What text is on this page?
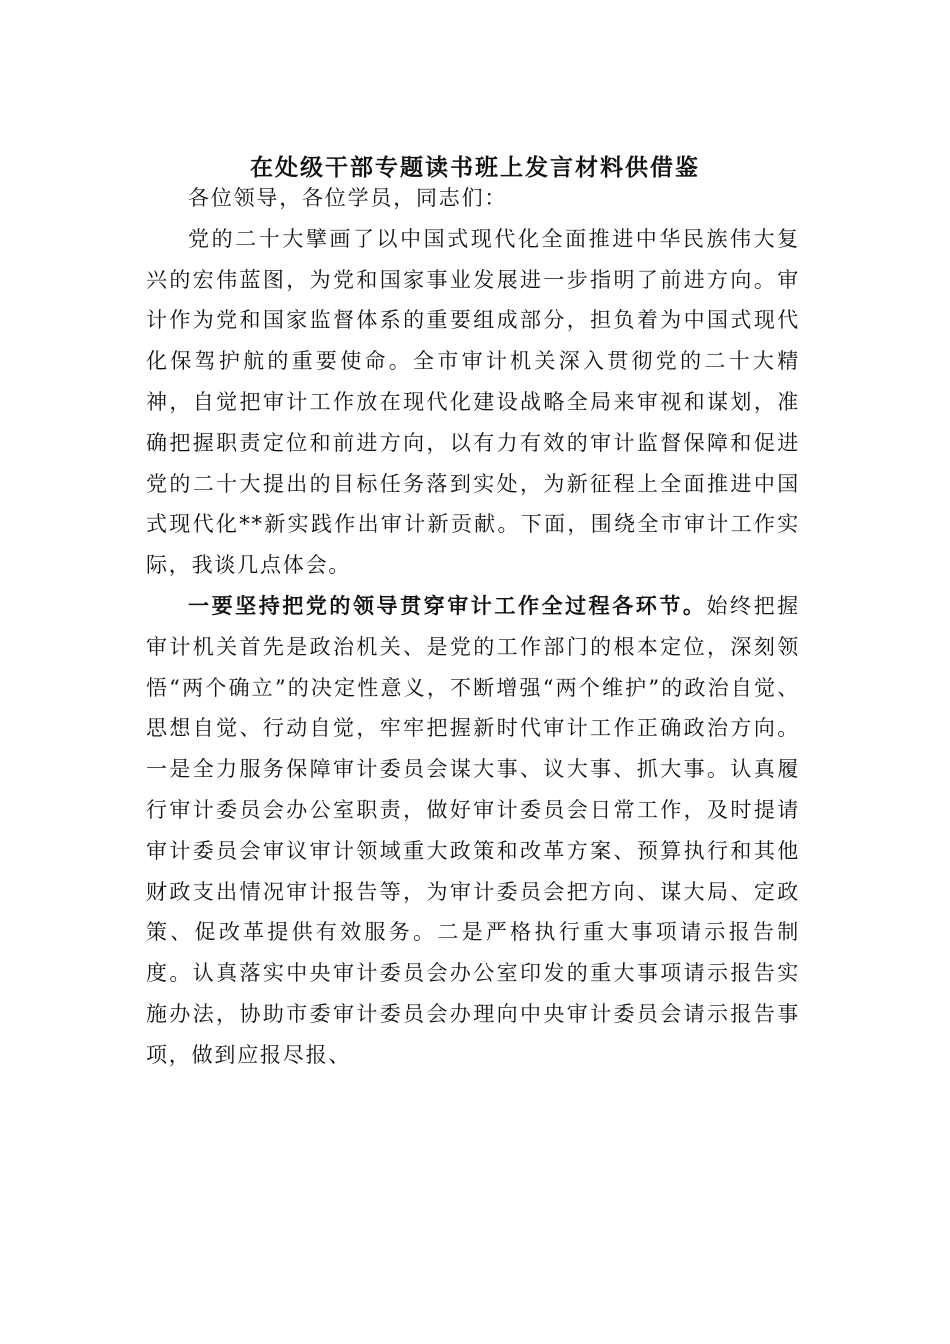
在处级干部专题读书班上发言材料供借鉴

各位领导，各位学员，同志们：

党的二十大擘画了以中国式现代化全面推进中华民族伟大复兴的宏伟蓝图，为党和国家事业发展进一步指明了前进方向。审计作为党和国家监督体系的重要组成部分，担负着为中国式现代化保驾护航的重要使命。全市审计机关深入贯彻党的二十大精神，自觉把审计工作放在现代化建设战略全局来审视和谋划，准确把握职责定位和前进方向，以有力有效的审计监督保障和促进党的二十大提出的目标任务落到实处，为新征程上全面推进中国式现代化**新实践作出审计新贡献。下面，围绕全市审计工作实际，我谈几点体会。

一要坚持把党的领导贯穿审计工作全过程各环节。始终把握审计机关首先是政治机关、是党的工作部门的根本定位，深刻领悟“两个确立”的决定性意义，不断增强“两个维护”的政治自觉、思想自觉、行动自觉，牢牢把握新时代审计工作正确政治方向。一是全力服务保障审计委员会谋大事、议大事、抓大事。认真履行审计委员会办公室职责，做好审计委员会日常工作，及时提请审计委员会审议审计领域重大政策和改革方案、预算执行和其他财政支出情况审计报告等，为审计委员会把方向、谋大局、定政策、促改革提供有效服务。二是严格执行重大事项请示报告制度。认真落实中央审计委员会办公室印发的重大事项请示报告实施办法，协助市委审计委员会办理向中央审计委员会请示报告事项，做到应报尽报、
